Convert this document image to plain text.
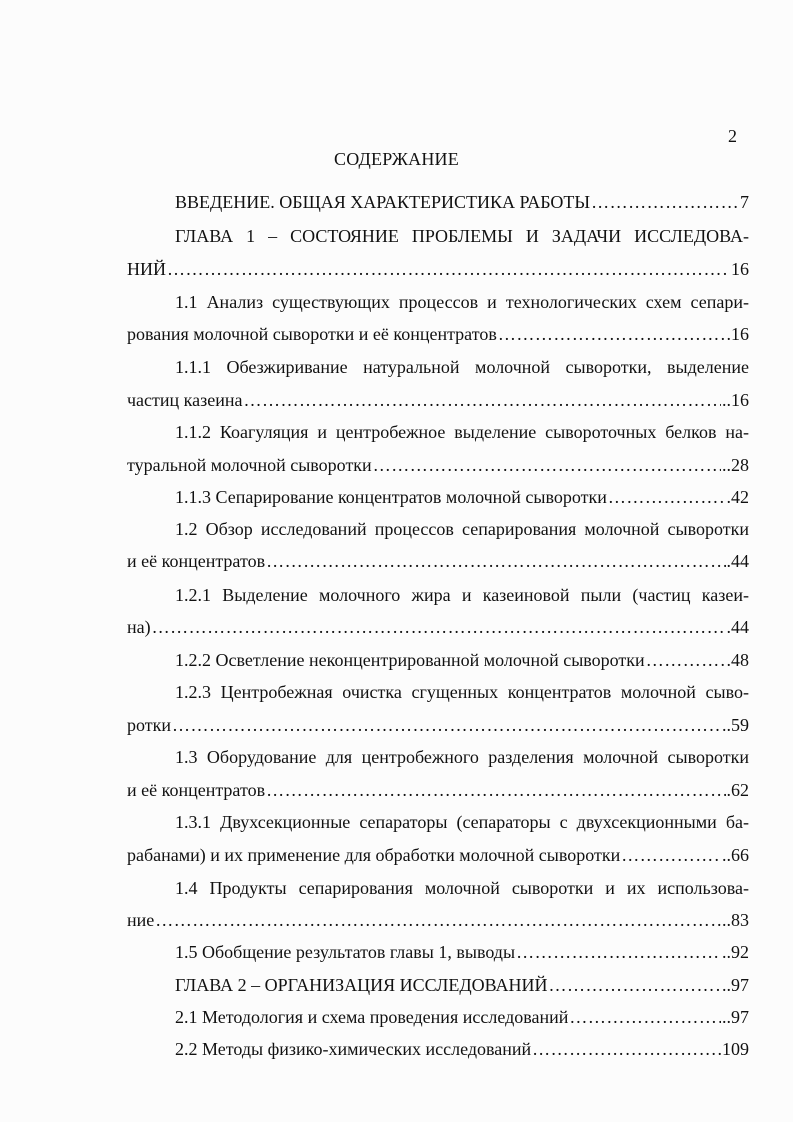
2
СОДЕРЖАНИЕ
ВВЕДЕНИЕ. ОБЩАЯ ХАРАКТЕРИСТИКА РАБОТЫ ……………………………………………………………………………………………………………………………………………………………………………………………………	7
ГЛАВА 1 – СОСТОЯНИЕ ПРОБЛЕМЫ И ЗАДАЧИ ИССЛЕДОВА-
НИЙ ……………………………………………………………………………………………………………………………………………………………………………………………………	16
1.1 Анализ существующих процессов и технологических схем сепари-
рования молочной сыворотки и её концентратов ……………………………………………………………………………………………………………………………………………………………………………………………………	.16
1.1.1 Обезжиривание натуральной молочной сыворотки, выделение
частиц казеина ……………………………………………………………………………………………………………………………………………………………………………………………………	..16
1.1.2 Коагуляция и центробежное выделение сывороточных белков на-
туральной молочной сыворотки ……………………………………………………………………………………………………………………………………………………………………………………………………	..28
1.1.3 Сепарирование концентратов молочной сыворотки ……………………………………………………………………………………………………………………………………………………………………………………………………	.42
1.2 Обзор исследований процессов сепарирования молочной сыворотки
и её концентратов ……………………………………………………………………………………………………………………………………………………………………………………………………	.44
1.2.1 Выделение молочного жира и казеиновой пыли (частиц казеи-
на) ……………………………………………………………………………………………………………………………………………………………………………………………………	.44
1.2.2 Осветление неконцентрированной молочной сыворотки ……………………………………………………………………………………………………………………………………………………………………………………………………	.48
1.2.3 Центробежная очистка сгущенных концентратов молочной сыво-
ротки ……………………………………………………………………………………………………………………………………………………………………………………………………	..59
1.3 Оборудование для центробежного разделения молочной сыворотки
и её концентратов ……………………………………………………………………………………………………………………………………………………………………………………………………	.62
1.3.1 Двухсекционные сепараторы (сепараторы с двухсекционными ба-
рабанами) и их применение для обработки молочной сыворотки ……………………………………………………………………………………………………………………………………………………………………………………………………	..66
1.4 Продукты сепарирования молочной сыворотки и их использова-
ние ……………………………………………………………………………………………………………………………………………………………………………………………………	..83
1.5 Обобщение результатов главы 1, выводы ……………………………………………………………………………………………………………………………………………………………………………………………………	..92
ГЛАВА 2 – ОРГАНИЗАЦИЯ ИССЛЕДОВАНИЙ ……………………………………………………………………………………………………………………………………………………………………………………………………	..97
2.1 Методология и схема проведения исследований ……………………………………………………………………………………………………………………………………………………………………………………………………	..97
2.2 Методы физико-химических исследований ……………………………………………………………………………………………………………………………………………………………………………………………………	.109
